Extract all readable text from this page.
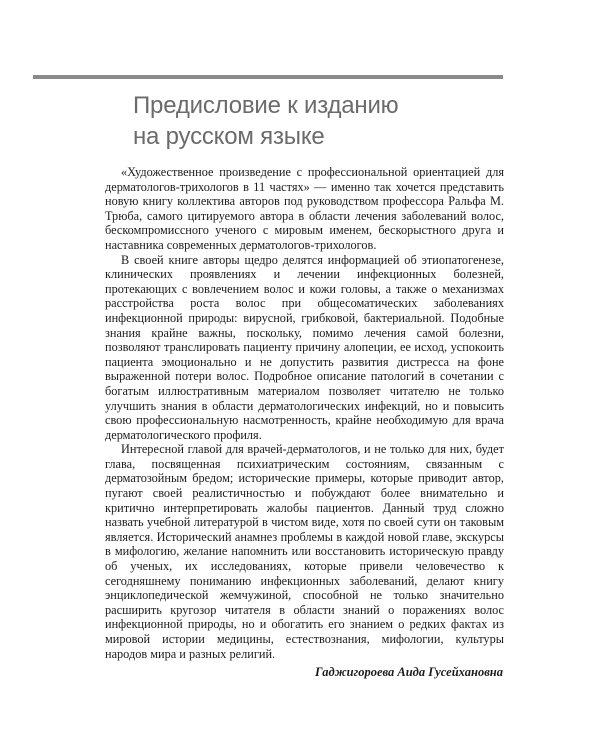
Предисловие к изданию
на русском языке

«Художественное произведение с профессиональной ориентацией для дерматологов-трихологов в 11 частях» — именно так хочется представить новую книгу коллектива авторов под руководством профессора Ральфа М. Трюба, самого цитируемого автора в области лечения заболеваний волос, бескомпромиссного ученого с мировым именем, бескорыстного друга и наставника современных дерматологов-трихологов.

В своей книге авторы щедро делятся информацией об этиопатогенезе, клинических проявлениях и лечении инфекционных болезней, протекающих с вовлечением волос и кожи головы, а также о механизмах расстройства роста волос при общесоматических заболеваниях инфекционной природы: вирусной, грибковой, бактериальной. Подобные знания крайне важны, поскольку, помимо лечения самой болезни, позволяют транслировать пациенту причину алопеции, ее исход, успокоить пациента эмоционально и не допустить развития дистресса на фоне выраженной потери волос. Подробное описание патологий в сочетании с богатым иллюстративным материалом позволяет читателю не только улучшить знания в области дерматологических инфекций, но и повысить свою профессиональную насмотренность, крайне необходимую для врача дерматологического профиля.

Интересной главой для врачей-дерматологов, и не только для них, будет глава, посвященная психиатрическим состояниям, связанным с дерматозойным бредом; исторические примеры, которые приводит автор, пугают своей реалистичностью и побуждают более внимательно и критично интерпретировать жалобы пациентов. Данный труд сложно назвать учебной литературой в чистом виде, хотя по своей сути он таковым является. Исторический анамнез проблемы в каждой новой главе, экскурсы в мифологию, желание напомнить или восстановить историческую правду об ученых, их исследованиях, которые привели человечество к сегодняшнему пониманию инфекционных заболеваний, делают книгу энциклопедической жемчужиной, способной не только значительно расширить кругозор читателя в области знаний о поражениях волос инфекционной природы, но и обогатить его знанием о редких фактах из мировой истории медицины, естествознания, мифологии, культуры народов мира и разных религий.

Гаджигороева Аида Гусейхановна
